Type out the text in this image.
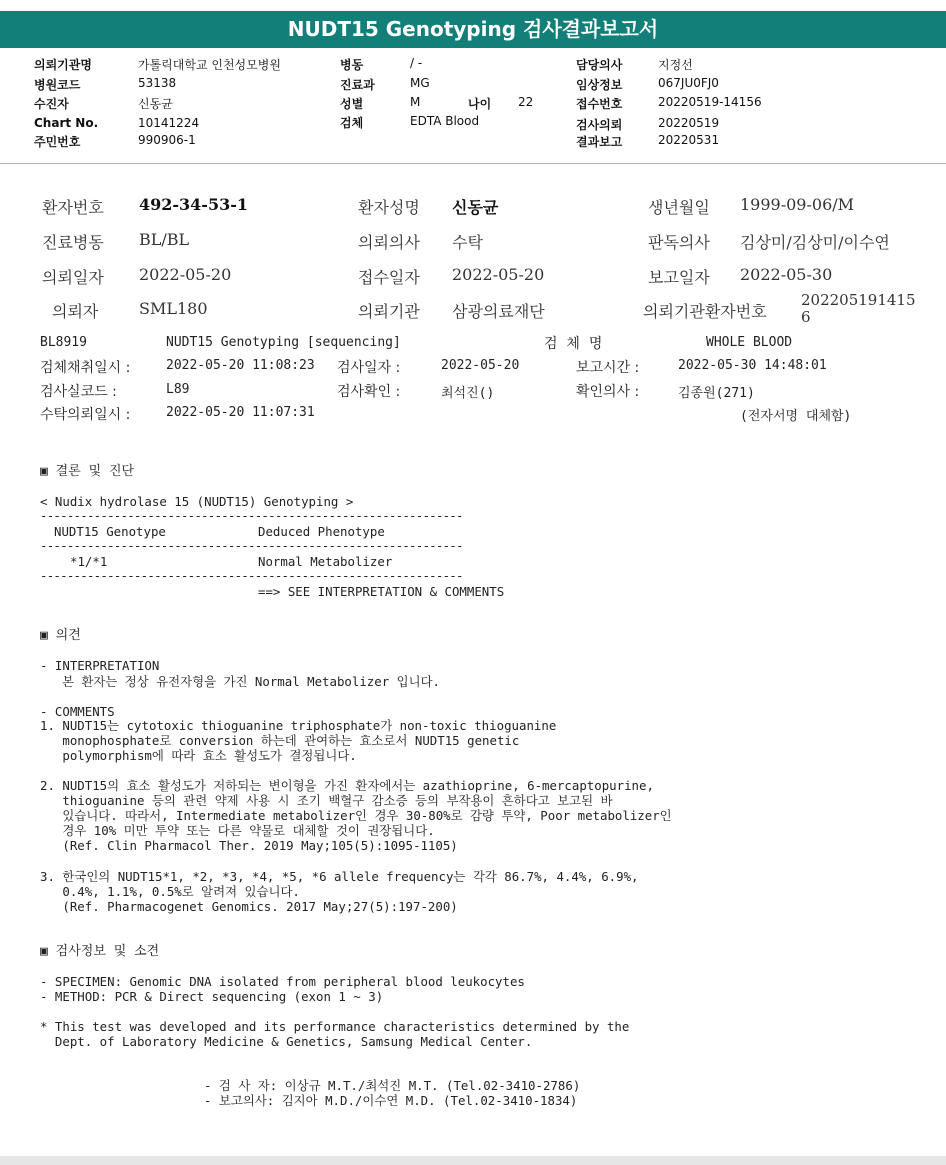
NUDT15 Genotyping 검사결과보고서
의뢰기관명	가톨릭대학교 인천성모병원
병원코드	53138
수진자	신동균
Chart No.	10141224
주민번호	990906-1
병동	/ -
진료과	MG
성별	M	나이 22
검체	EDTA Blood
담당의사	지정선
임상정보	067JU0FJ0
접수번호	20220519-14156
검사의뢰	20220519
결과보고	20220531
환자번호 492-34-53-1	환자성명 신동균	생년월일 1999-09-06/M
진료병동 BL/BL	의뢰의사 수탁	판독의사 김상미/김상미/이수연
의뢰일자 2022-05-20	접수일자 2022-05-20	보고일자 2022-05-30
의뢰자	SML180	의뢰기관 삼광의료재단	의뢰기관환자번호
202205191415
6
BL8919	NUDT15 Genotyping [sequencing]	검  체  명	WHOLE BLOOD
검체채취일시 :	2022-05-20 11:08:23 검사일자 :	2022-05-20	보고시간 :	2022-05-30 14:48:01
검사실코드 :	L89	검사확인 :	최석진()	확인의사 :	김종원(271)
수탁의뢰일시 :	2022-05-20 11:07:31	(전자서명 대체함)
▣ 결론 및 진단
< Nudix hydrolase 15 (NUDT15) Genotyping >
---------------------------------------------------------------
NUDT15 Genotype	Deduced Phenotype
---------------------------------------------------------------
*1/*1	Normal Metabolizer
---------------------------------------------------------------
==> SEE INTERPRETATION & COMMENTS
▣ 의견
- INTERPRETATION
본 환자는 정상 유전자형을 가진 Normal Metabolizer 입니다.
- COMMENTS
1. NUDT15는 cytotoxic thioguanine triphosphate가 non-toxic thioguanine
monophosphate로 conversion 하는데 관여하는 효소로서 NUDT15 genetic
polymorphism에 따라 효소 활성도가 결정됩니다.
2. NUDT15의 효소 활성도가 저하되는 변이형을 가진 환자에서는 azathioprine, 6-mercaptopurine,
thioguanine 등의 관련 약제 사용 시 조기 백혈구 감소증 등의 부작용이 흔하다고 보고된 바
있습니다. 따라서, Intermediate metabolizer인 경우 30-80%로 감량 투약, Poor metabolizer인
경우 10% 미만 투약 또는 다른 약물로 대체할 것이 권장됩니다.
(Ref. Clin Pharmacol Ther. 2019 May;105(5):1095-1105)
3. 한국인의 NUDT15*1, *2, *3, *4, *5, *6 allele frequency는 각각 86.7%, 4.4%, 6.9%,
0.4%, 1.1%, 0.5%로 알려져 있습니다.
(Ref. Pharmacogenet Genomics. 2017 May;27(5):197-200)
▣ 검사정보 및 소견
- SPECIMEN: Genomic DNA isolated from peripheral blood leukocytes
- METHOD: PCR & Direct sequencing (exon 1 ~ 3)
* This test was developed and its performance characteristics determined by the
Dept. of Laboratory Medicine & Genetics, Samsung Medical Center.
- 검 사 자: 이상규 M.T./최석진 M.T. (Tel.02-3410-2786)
- 보고의사: 김지아 M.D./이수연 M.D. (Tel.02-3410-1834)
